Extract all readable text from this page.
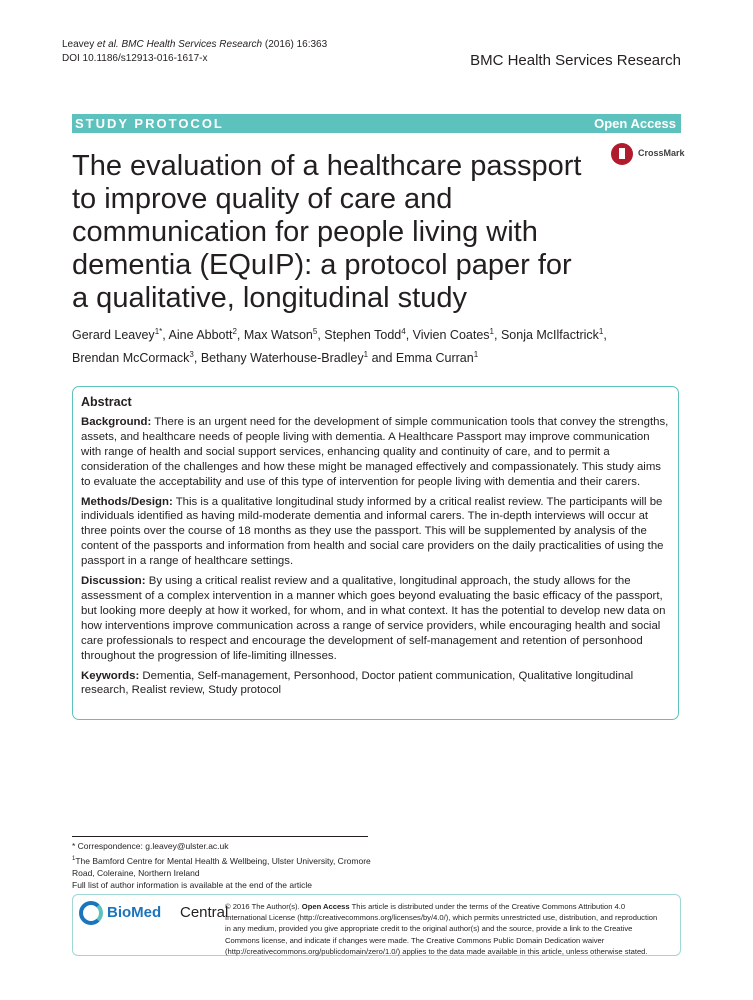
Leavey et al. BMC Health Services Research (2016) 16:363
DOI 10.1186/s12913-016-1617-x	BMC Health Services Research
STUDY PROTOCOL	Open Access
The evaluation of a healthcare passport to improve quality of care and communication for people living with dementia (EQuIP): a protocol paper for a qualitative, longitudinal study
CrossMark
Gerard Leavey$^{1*}$, Aine Abbott$^2$, Max Watson$^5$, Stephen Todd$^4$, Vivien Coates$^1$, Sonja McIlfactrick$^1$,
Brendan McCormack$^3$, Bethany Waterhouse-Bradley$^1$ and Emma Curran$^1$
Abstract

Background: There is an urgent need for the development of simple communication tools that convey the strengths, assets, and healthcare needs of people living with dementia. A Healthcare Passport may improve communication with range of health and social support services, enhancing quality and continuity of care, and to permit a consideration of the challenges and how these might be managed effectively and compassionately. This study aims to evaluate the acceptability and use of this type of intervention for people living with dementia and their carers.

Methods/Design: This is a qualitative longitudinal study informed by a critical realist review. The participants will be individuals identified as having mild-moderate dementia and informal carers. The in-depth interviews will occur at three points over the course of 18 months as they use the passport. This will be supplemented by analysis of the content of the passports and information from health and social care providers on the daily practicalities of using the passport in a range of healthcare settings.

Discussion: By using a critical realist review and a qualitative, longitudinal approach, the study allows for the assessment of a complex intervention in a manner which goes beyond evaluating the basic efficacy of the passport, but looking more deeply at how it worked, for whom, and in what context. It has the potential to develop new data on how interventions improve communication across a range of service providers, while encouraging health and social care professionals to respect and encourage the development of self-management and retention of personhood throughout the progression of life-limiting illnesses.

Keywords: Dementia, Self-management, Personhood, Doctor patient communication, Qualitative longitudinal research, Realist review, Study protocol

* Correspondence: g.leavey@ulster.ac.uk
$^1$The Bamford Centre for Mental Health & Wellbeing, Ulster University, Cromore Road, Coleraine, Northern Ireland
Full list of author information is available at the end of the article
BioMed Central
© 2016 The Author(s). Open Access This article is distributed under the terms of the Creative Commons Attribution 4.0 International License (http://creativecommons.org/licenses/by/4.0/), which permits unrestricted use, distribution, and reproduction in any medium, provided you give appropriate credit to the original author(s) and the source, provide a link to the Creative Commons license, and indicate if changes were made. The Creative Commons Public Domain Dedication waiver (http://creativecommons.org/publicdomain/zero/1.0/) applies to the data made available in this article, unless otherwise stated.
